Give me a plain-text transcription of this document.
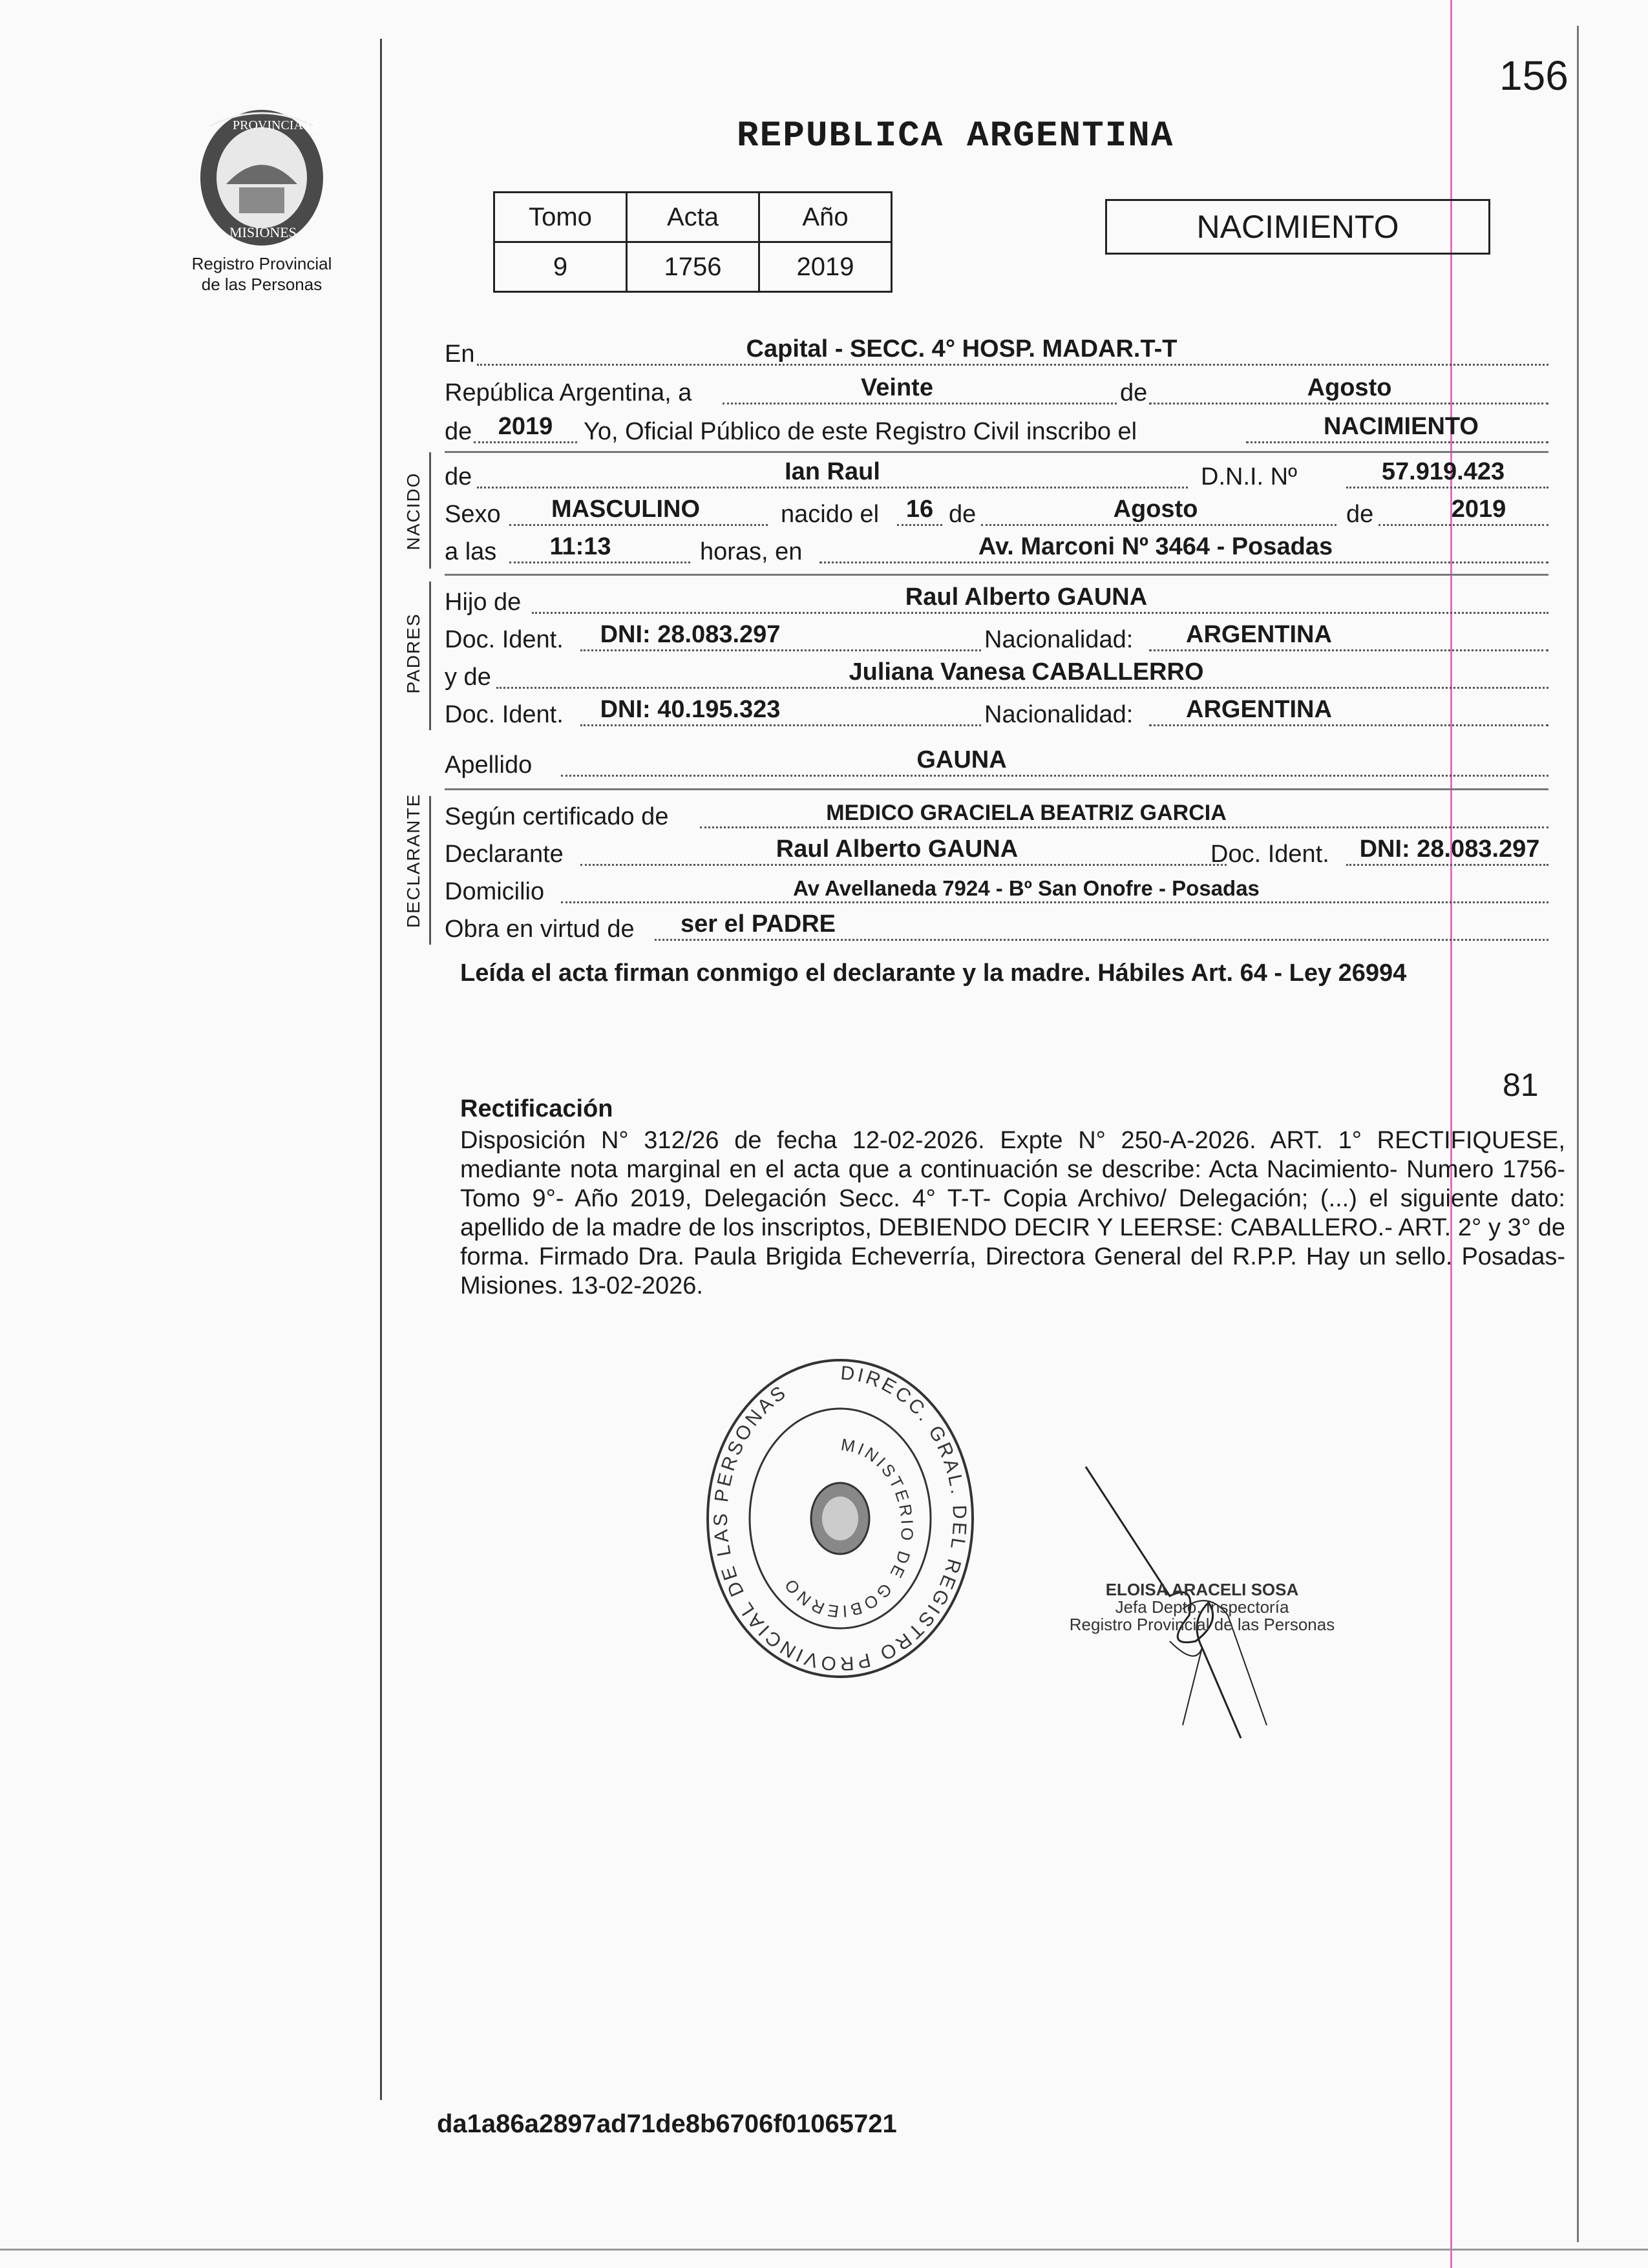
156
PROVINCIA DE
MISIONES
Registro Provincial
de las Personas
REPUBLICA ARGENTINA
Tomo	Acta	Año
9	1756	2019
NACIMIENTO
En	Capital - SECC. 4° HOSP. MADAR.T-T
República Argentina, a	Veinte	de	Agosto
de	2019	Yo, Oficial Público de este Registro Civil inscribo el	NACIMIENTO
NACIDO de	Ian Raul	D.N.I. Nº	57.919.423
Sexo	MASCULINO	nacido el	16 de	Agosto	de	2019
a las	11:13	horas, en	Av. Marconi Nº 3464 - Posadas
PADRES
Hijo de	Raul Alberto GAUNA
Doc. Ident.	DNI: 28.083.297	Nacionalidad:	ARGENTINA
y de	Juliana Vanesa CABALLERRO
Doc. Ident.	DNI: 40.195.323	Nacionalidad:	ARGENTINA
Apellido	GAUNA
DECLARANTE Según certificado de	MEDICO GRACIELA BEATRIZ GARCIA
Declarante	Raul Alberto GAUNA	Doc. Ident.	DNI: 28.083.297
Domicilio	Av Avellaneda 7924 - Bº San Onofre - Posadas
Obra en virtud de	ser el PADRE
Leída el acta firman conmigo el declarante y la madre. Hábiles Art. 64 - Ley 26994
81
Rectificación
Disposición N° 312/26 de fecha 12-02-2026. Expte N° 250-A-2026. ART. 1° RECTIFIQUESE, mediante nota marginal en el acta que a continuación se describe: Acta Nacimiento- Numero 1756- Tomo 9°- Año 2019, Delegación Secc. 4° T-T- Copia Archivo/ Delegación; (...) el siguiente dato: apellido de la madre de los inscriptos, DEBIENDO DECIR Y LEERSE: CABALLERO.- ART. 2° y 3° de forma. Firmado Dra. Paula Brigida Echeverría, Directora General del R.P.P. Hay un sello. Posadas-Misiones. 13-02-2026.
DIRECC. GRAL. DEL REGISTRO PROVINCIAL DE LAS PERSONAS
MINISTERIO DE GOBIERNO	ELOISA ARACELI SOSA
Jefa Depto. Inspectoría
Registro Provincial de las Personas
da1a86a2897ad71de8b6706f01065721
